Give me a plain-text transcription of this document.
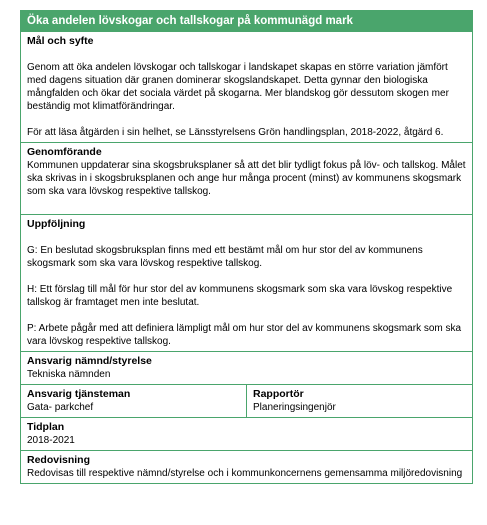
Öka andelen lövskogar och tallskogar på kommunägd mark
Mål och syfte

Genom att öka andelen lövskogar och tallskogar i landskapet skapas en större variation jämfört med dagens situation där granen dominerar skogslandskapet. Detta gynnar den biologiska mångfalden och ökar det sociala värdet på skogarna. Mer blandskog gör dessutom skogen mer beständig mot klimatförändringar.

För att läsa åtgärden i sin helhet, se Länsstyrelsens Grön handlingsplan, 2018-2022, åtgärd 6.

Genomförande

Kommunen uppdaterar sina skogsbruksplaner så att det blir tydligt fokus på löv- och tallskog. Målet ska skrivas in i skogsbruksplanen och ange hur många procent (minst) av kommunens skogsmark som ska vara lövskog respektive tallskog.

Uppföljning

G: En beslutad skogsbruksplan finns med ett bestämt mål om hur stor del av kommunens skogsmark som ska vara lövskog respektive tallskog.

H: Ett förslag till mål för hur stor del av kommunens skogsmark som ska vara lövskog respektive tallskog är framtaget men inte beslutat.

P: Arbete pågår med att definiera lämpligt mål om hur stor del av kommunens skogsmark som ska vara lövskog respektive tallskog.

Ansvarig nämnd/styrelse
Tekniska nämnden
Ansvarig tjänsteman
Gata- parkchef
Rapportör
Planeringsingenjör
Tidplan
2018-2021
Redovisning
Redovisas till respektive nämnd/styrelse och i kommunkoncernens gemensamma miljöredovisning
